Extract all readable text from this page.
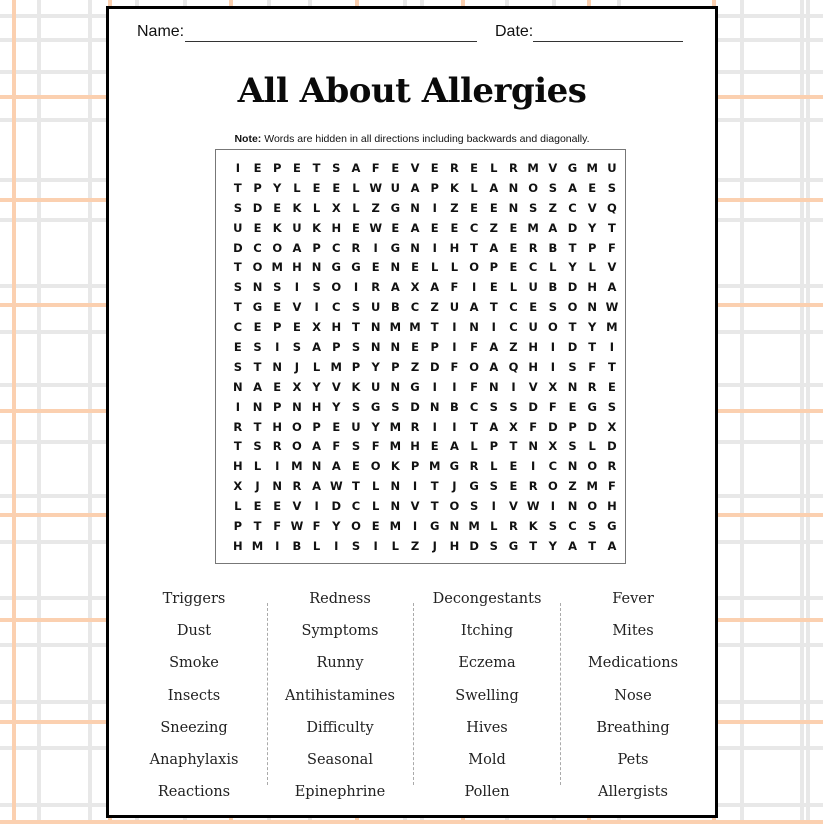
Name:	Date:
All About Allergies
Note: Words are hidden in all directions including backwards and diagonally.
I	E	P	E	T	S A F	E V E R E	L	R M V G M U
T	P Y	L	E	E	L W U A P K	L	A N O S A E	S
S D E K	L	X	L	Z G N	I	Z	E	E N S Z C V Q
U E K U K H E W E A E	E	C Z	E M A D Y	T
D C O A P C R	I	G N	I	H T A E R B T	P	F
T O M H N G G E N E	L	L O P	E	C	L	Y	L	V
S N S	I	S O	I	R A X A F	I	E	L U B D H A
T G E V	I	C S U B C Z U A T	C	E	S O N W
C	E	P	E X H T N M M T	I	N	I	C U O T	Y M
E	S	I	S A P S N N E	P	I	F A Z H	I	D T	I
S	T N	J	L M P Y P Z D F O A Q H	I	S	F	T
N A E X Y V K U N G	I	I	F N	I	V X N R E
I	N P N H Y S G S D N B C S S D F	E G S
R T H O P	E U Y M R	I	I	T A X F D P D X
T	S R O A F	S	F M H E A	L	P	T N X S	L D
H L	I	M N A E O K P M G R	L	E	I	C N O R
X	J	N R A W T	L N	I	T	J	G S	E R O Z M F
L	E	E V	I	D C	L N V T O S	I	V W I	N O H
P	T	F W F	Y O E M	I	G N M L	R K S C S G
H M	I	B	L	I	S	I	L	Z	J	H D S G T	Y A T A
Triggers
Dust
Smoke
Insects
Sneezing
Anaphylaxis
Reactions
Redness
Symptoms
Runny
Antihistamines
Difficulty
Seasonal
Epinephrine
Decongestants
Itching
Eczema
Swelling
Hives
Mold
Pollen
Fever
Mites
Medications
Nose
Breathing
Pets
Allergists
